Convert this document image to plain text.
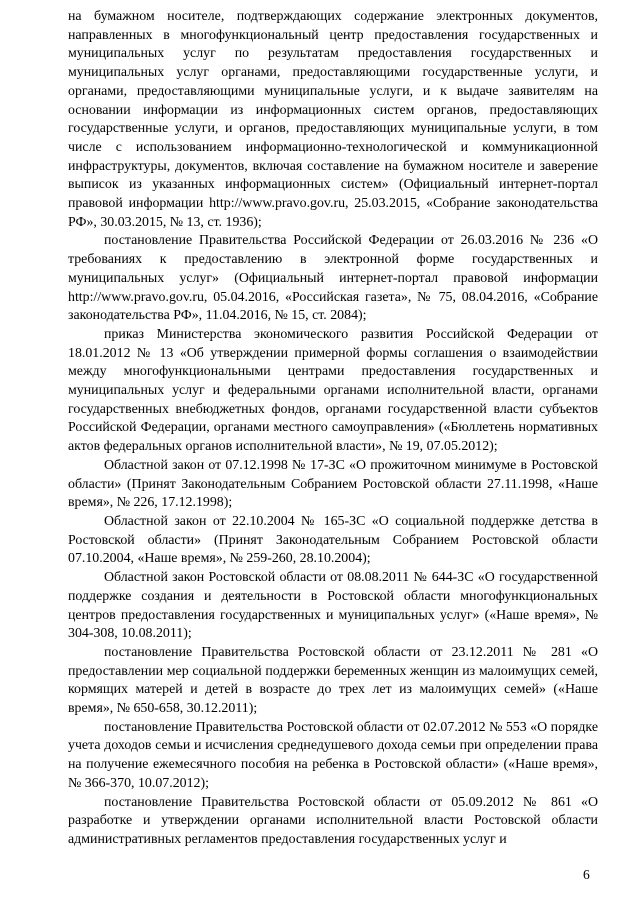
на бумажном носителе, подтверждающих содержание электронных документов, направленных в многофункциональный центр предоставления государственных и муниципальных услуг по результатам предоставления государственных и муниципальных услуг органами, предоставляющими государственные услуги, и органами, предоставляющими муниципальные услуги, и к выдаче заявителям на основании информации из информационных систем органов, предоставляющих государственные услуги, и органов, предоставляющих муниципальные услуги, в том числе с использованием информационно-технологической и коммуникационной инфраструктуры, документов, включая составление на бумажном носителе и заверение выписок из указанных информационных систем» (Официальный интернет-портал правовой информации http://www.pravo.gov.ru, 25.03.2015, «Собрание законодательства РФ», 30.03.2015, № 13, ст. 1936);

постановление Правительства Российской Федерации от 26.03.2016 № 236 «О требованиях к предоставлению в электронной форме государственных и муниципальных услуг» (Официальный интернет-портал правовой информации http://www.pravo.gov.ru, 05.04.2016, «Российская газета», № 75, 08.04.2016, «Собрание законодательства РФ», 11.04.2016, № 15, ст. 2084);

приказ Министерства экономического развития Российской Федерации от 18.01.2012 № 13 «Об утверждении примерной формы соглашения о взаимодействии между многофункциональными центрами предоставления государственных и муниципальных услуг и федеральными органами исполнительной власти, органами государственных внебюджетных фондов, органами государственной власти субъектов Российской Федерации, органами местного самоуправления» («Бюллетень нормативных актов федеральных органов исполнительной власти», № 19, 07.05.2012);

Областной закон от 07.12.1998 № 17-ЗС «О прожиточном минимуме в Ростовской области» (Принят Законодательным Собранием Ростовской области 27.11.1998, «Наше время», № 226, 17.12.1998);

Областной закон от 22.10.2004 № 165-ЗС «О социальной поддержке детства в Ростовской области» (Принят Законодательным Собранием Ростовской области 07.10.2004, «Наше время», № 259-260, 28.10.2004);

Областной закон Ростовской области от 08.08.2011 № 644-ЗС «О государственной поддержке создания и деятельности в Ростовской области многофункциональных центров предоставления государственных и муниципальных услуг» («Наше время», № 304-308, 10.08.2011);

постановление Правительства Ростовской области от 23.12.2011 № 281 «О предоставлении мер социальной поддержки беременных женщин из малоимущих семей, кормящих матерей и детей в возрасте до трех лет из малоимущих семей» («Наше время», № 650-658, 30.12.2011);

постановление Правительства Ростовской области от 02.07.2012 № 553 «О порядке учета доходов семьи и исчисления среднедушевого дохода семьи при определении права на получение ежемесячного пособия на ребенка в Ростовской области» («Наше время», № 366-370, 10.07.2012);

постановление Правительства Ростовской области от 05.09.2012 № 861 «О разработке и утверждении органами исполнительной власти Ростовской области административных регламентов предоставления государственных услуг и

6
